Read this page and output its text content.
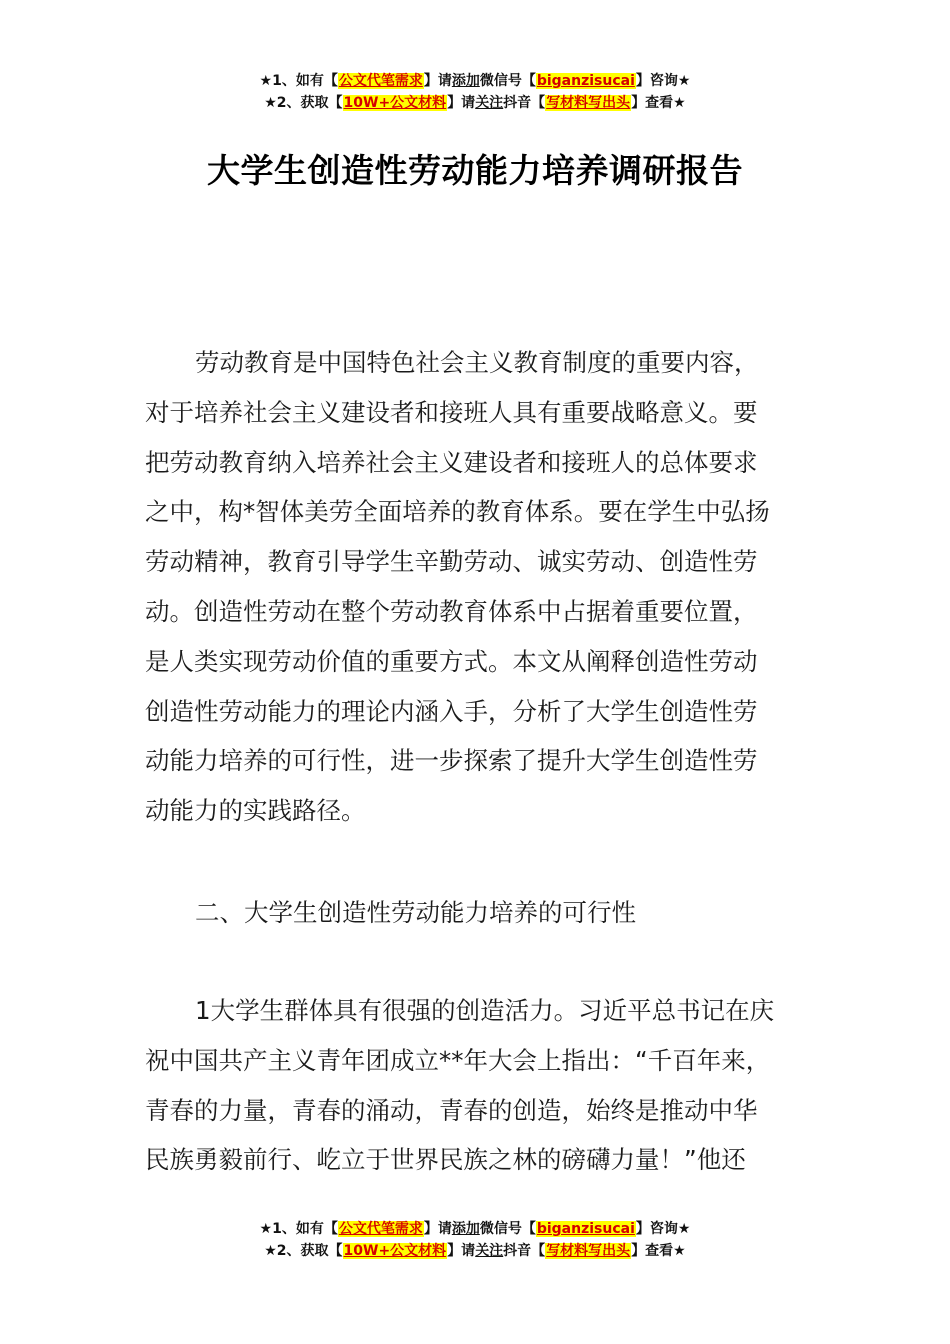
★1、如有【公文代笔需求】请添加微信号【biganzisucai】咨询★
★2、获取【10W+公文材料】请关注抖音【写材料写出头】查看★
大学生创造性劳动能力培养调研报告
劳动教育是中国特色社会主义教育制度的重要内容，
对于培养社会主义建设者和接班人具有重要战略意义。要
把劳动教育纳入培养社会主义建设者和接班人的总体要求
之中，构*智体美劳全面培养的教育体系。要在学生中弘扬
劳动精神，教育引导学生辛勤劳动、诚实劳动、创造性劳
动。创造性劳动在整个劳动教育体系中占据着重要位置，
是人类实现劳动价值的重要方式。本文从阐释创造性劳动
创造性劳动能力的理论内涵入手，分析了大学生创造性劳
动能力培养的可行性，进一步探索了提升大学生创造性劳
动能力的实践路径。
二、大学生创造性劳动能力培养的可行性
1大学生群体具有很强的创造活力。习近平总书记在庆
祝中国共产主义青年团成立**年大会上指出：“千百年来，
青春的力量，青春的涌动，青春的创造，始终是推动中华
民族勇毅前行、屹立于世界民族之林的磅礴力量！”他还
★1、如有【公文代笔需求】请添加微信号【biganzisucai】咨询★
★2、获取【10W+公文材料】请关注抖音【写材料写出头】查看★
